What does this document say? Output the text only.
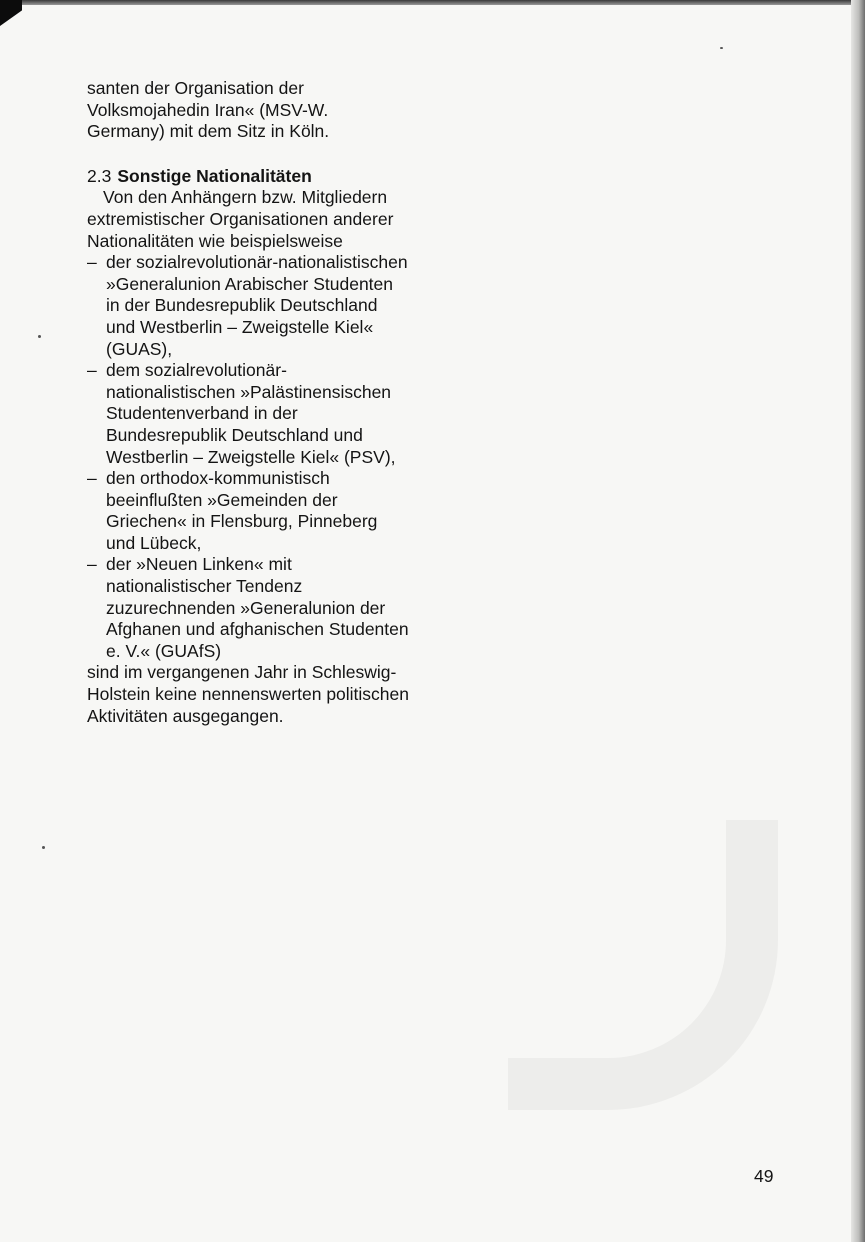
santen der Organisation der Volksmojahedin Iran« (MSV-W. Germany) mit dem Sitz in Köln.

2.3 Sonstige Nationalitäten

Von den Anhängern bzw. Mitgliedern extremistischer Organisationen anderer Nationalitäten wie beispielsweise

– der sozialrevolutionär-nationalistischen »Generalunion Arabischer Studenten in der Bundesrepublik Deutschland und Westberlin – Zweigstelle Kiel« (GUAS),
– dem sozialrevolutionär-nationalistischen »Palästinensischen Studentenverband in der Bundesrepublik Deutschland und Westberlin – Zweigstelle Kiel« (PSV),
– den orthodox-kommunistisch beeinflußten »Gemeinden der Griechen« in Flensburg, Pinneberg und Lübeck,
– der »Neuen Linken« mit nationalistischer Tendenz zuzurechnenden »Generalunion der Afghanen und afghanischen Studenten e. V.« (GUAfS)

sind im vergangenen Jahr in Schleswig-Holstein keine nennenswerten politischen Aktivitäten ausgegangen.

49
